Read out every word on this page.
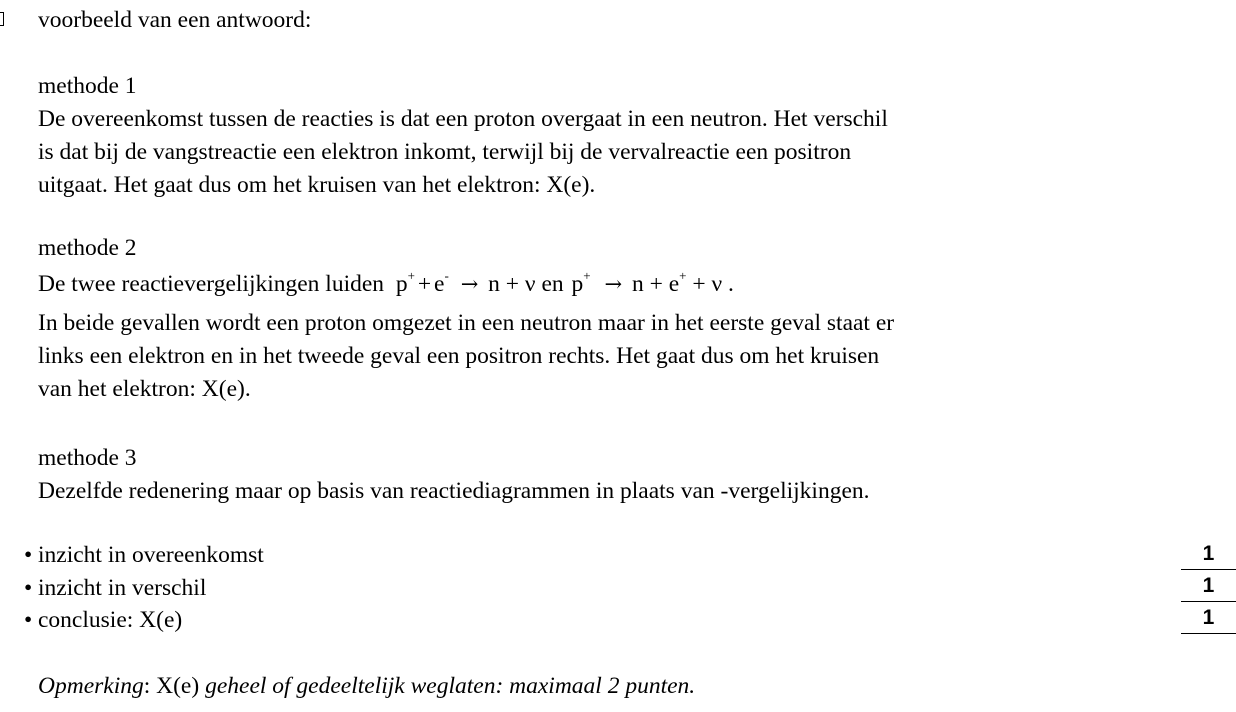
voorbeeld van een antwoord:
methode 1
De overeenkomst tussen de reacties is dat een proton overgaat in een neutron. Het verschil
is dat bij de vangstreactie een elektron inkomt, terwijl bij de vervalreactie een positron
uitgaat. Het gaat dus om het kruisen van het elektron: X(e).
methode 2
De twee reactievergelijkingen luiden p+ + e- → n + ν en p+ → n + e+ + ν .
In beide gevallen wordt een proton omgezet in een neutron maar in het eerste geval staat er
links een elektron en in het tweede geval een positron rechts. Het gaat dus om het kruisen
van het elektron: X(e).
methode 3
Dezelfde redenering maar op basis van reactiediagrammen in plaats van -vergelijkingen.
• inzicht in overeenkomst
• inzicht in verschil
• conclusie: X(e)
1
1
1
Opmerking: X(e) geheel of gedeeltelijk weglaten: maximaal 2 punten.
